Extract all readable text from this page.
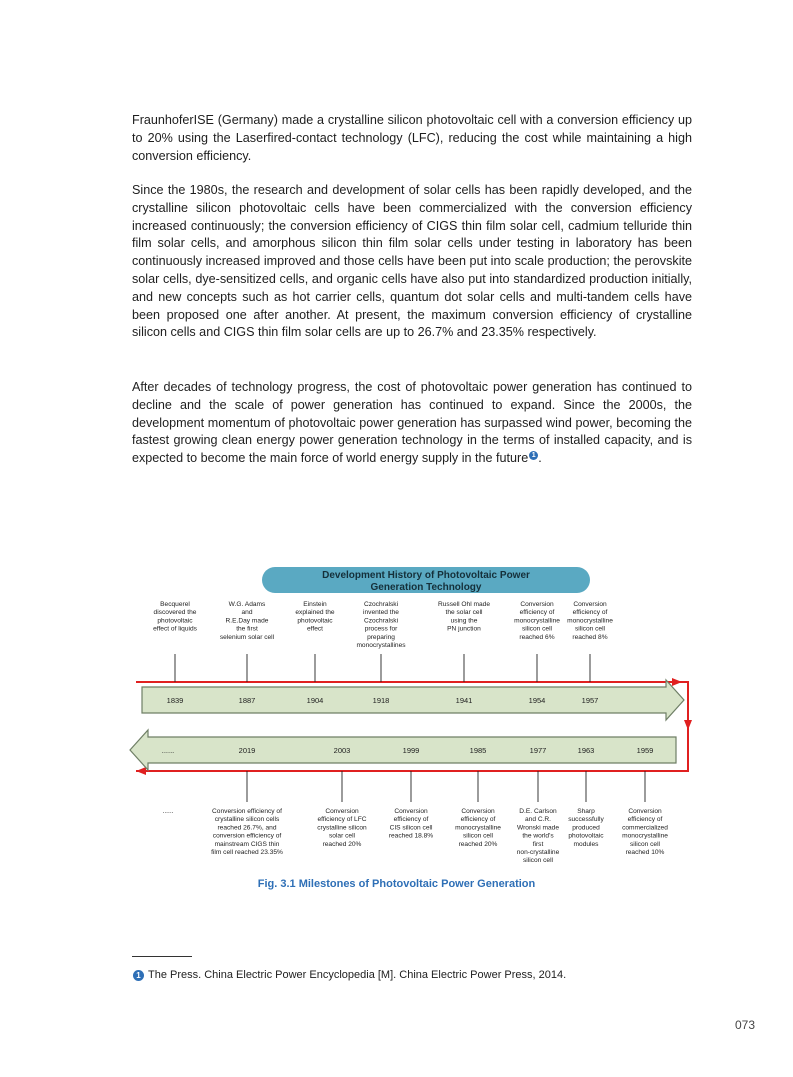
FraunhoferISE (Germany) made a crystalline silicon photovoltaic cell with a conversion efficiency up to 20% using the Laserfired-contact technology (LFC), reducing the cost while maintaining a high conversion efficiency.

Since the 1980s, the research and development of solar cells has been rapidly developed, and the crystalline silicon photovoltaic cells have been commercialized with the conversion efficiency increased continuously; the conversion efficiency of CIGS thin film solar cell, cadmium telluride thin film solar cells, and amorphous silicon thin film solar cells under testing in laboratory has been continuously increased improved and those cells have been put into scale production; the perovskite solar cells, dye-sensitized cells, and organic cells have also put into standardized production initially, and new concepts such as hot carrier cells, quantum dot solar cells and multi-tandem cells have been proposed one after another. At present, the maximum conversion efficiency of crystalline silicon cells and CIGS thin film solar cells are up to 26.7% and 23.35% respectively.

After decades of technology progress, the cost of photovoltaic power generation has continued to decline and the scale of power generation has continued to expand. Since the 2000s, the development momentum of photovoltaic power generation has surpassed wind power, becoming the fastest growing clean energy power generation technology in the terms of installed capacity, and is expected to become the main force of world energy supply in the future 1 .

Development History of Photovoltaic Power
Generation Technology
Becquerel
discovered the
photovoltaic
effect of liquids
1839
W.G. Adams
and
R.E.Day made
the first
selenium solar cell
1887
Einstein
explained the
photovoltaic
effect
1904
Czochralski
invented the
Czochralski
process for
preparing
monocrystallines
1918
Russell Ohl made
the solar cell
using the
PN junction
1941
Conversion
efficiency of
monocrystalline
silicon cell
reached 6%
1954
Conversion
efficiency of
monocrystalline
silicon cell
reached 8%
1957
......
......
2019
Conversion efficiency of
crystalline silicon cells
reached 26.7%, and
conversion efficiency of
mainstream CIGS thin
film cell reached 23.35%
2003
Conversion
efficiency of LFC
crystalline silicon
solar cell
reached 20%
1999
Conversion
efficiency of
CIS silicon cell
reached 18.8%
1985
Conversion
efficiency of
monocrystalline
silicon cell
reached 20%
1977
D.E. Carlson
and C.R.
Wronski made
the world's
first
non-crystalline
silicon cell
1963
Sharp
successfully
produced
photovoltaic
modules
1959
Conversion
efficiency of
commercialized
monocrystalline
silicon cell
reached 10%
Fig. 3.1 Milestones of Photovoltaic Power Generation
1 The Press. China Electric Power Encyclopedia [M]. China Electric Power Press, 2014.
073
